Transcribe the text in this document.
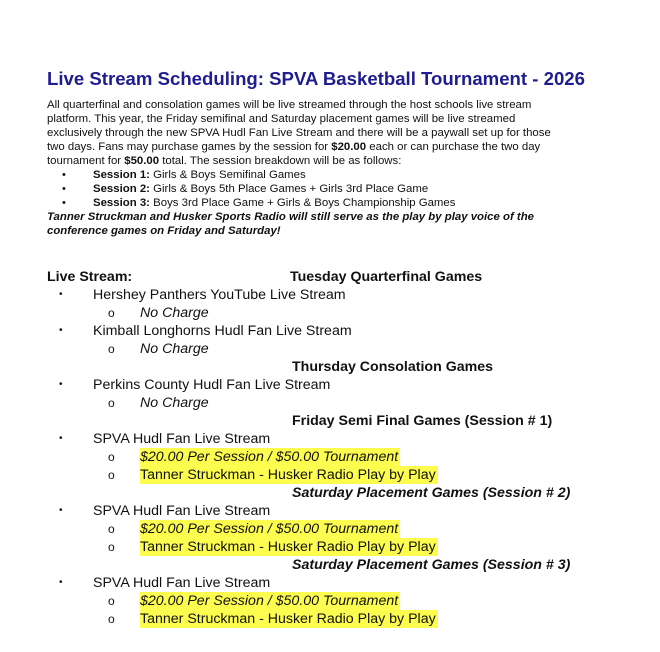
Live Stream Scheduling: SPVA Basketball Tournament - 2026

All quarterfinal and consolation games will be live streamed through the host schools live stream

platform. This year, the Friday semifinal and Saturday placement games will be live streamed

exclusively through the new SPVA Hudl Fan Live Stream and there will be a paywall set up for those

two days. Fans may purchase games by the session for $20.00 each or can purchase the two day

tournament for $50.00 total. The session breakdown will be as follows:

• Session 1: Girls & Boys Semifinal Games
• Session 2: Girls & Boys 5th Place Games + Girls 3rd Place Game
• Session 3: Boys 3rd Place Game + Girls & Boys Championship Games

Tanner Struckman and Husker Sports Radio will still serve as the play by play voice of the

conference games on Friday and Saturday!

Live Stream:	Tuesday Quarterfinal Games
• Hershey Panthers YouTube Live Stream
o No Charge
• Kimball Longhorns Hudl Fan Live Stream
o No Charge
Thursday Consolation Games
• Perkins County Hudl Fan Live Stream
o No Charge
Friday Semi Final Games (Session # 1)
• SPVA Hudl Fan Live Stream
o $20.00 Per Session / $50.00 Tournament
o Tanner Struckman - Husker Radio Play by Play
Saturday Placement Games (Session # 2)
• SPVA Hudl Fan Live Stream
o $20.00 Per Session / $50.00 Tournament
o Tanner Struckman - Husker Radio Play by Play
Saturday Placement Games (Session # 3)
• SPVA Hudl Fan Live Stream
o $20.00 Per Session / $50.00 Tournament
o Tanner Struckman - Husker Radio Play by Play
